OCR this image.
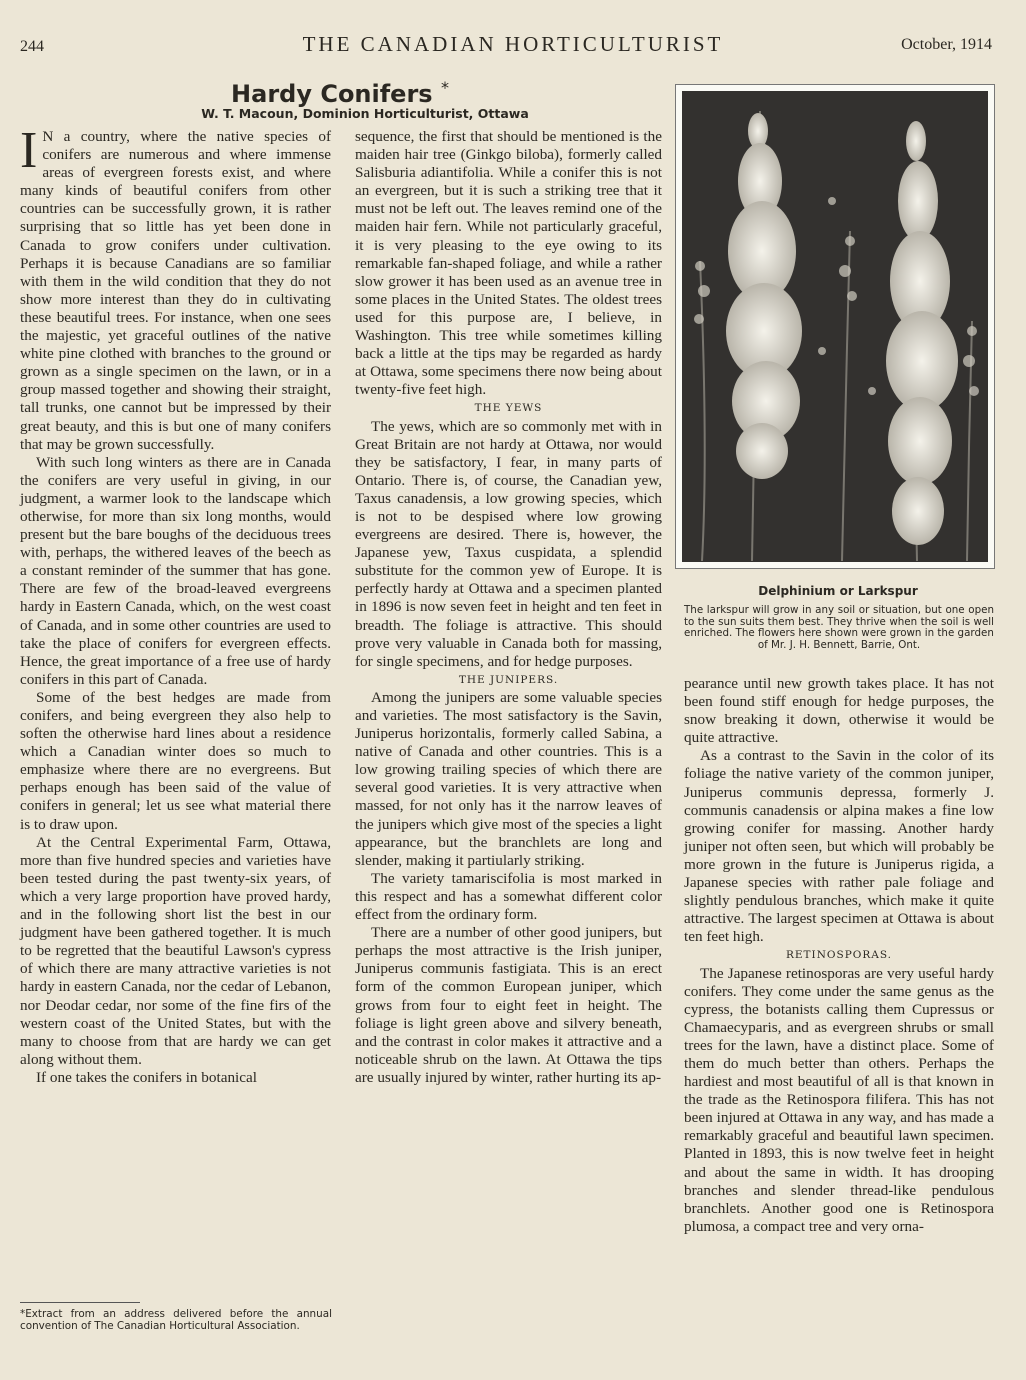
244	THE CANADIAN HORTICULTURIST	October, 1914
Hardy Conifers *
W. T. Macoun, Dominion Horticulturist, Ottawa

I N a country, where the native species of conifers are numerous and where immense areas of evergreen forests exist, and where many kinds of beautiful conifers from other countries can be successfully grown, it is rather surprising that so little has yet been done in Canada to grow conifers under cultivation. Perhaps it is because Canadians are so familiar with them in the wild condition that they do not show more interest than they do in cultivating these beautiful trees. For instance, when one sees the majestic, yet graceful outlines of the native white pine clothed with branches to the ground or grown as a single specimen on the lawn, or in a group massed together and showing their straight, tall trunks, one cannot but be impressed by their great beauty, and this is but one of many conifers that may be grown successfully.

With such long winters as there are in Canada the conifers are very useful in giving, in our judgment, a warmer look to the landscape which otherwise, for more than six long months, would present but the bare boughs of the deciduous trees with, perhaps, the withered leaves of the beech as a constant reminder of the summer that has gone. There are few of the broad-leaved evergreens hardy in Eastern Canada, which, on the west coast of Canada, and in some other countries are used to take the place of conifers for evergreen effects. Hence, the great importance of a free use of hardy conifers in this part of Canada.

Some of the best hedges are made from conifers, and being evergreen they also help to soften the otherwise hard lines about a residence which a Canadian winter does so much to emphasize where there are no evergreens. But perhaps enough has been said of the value of conifers in general; let us see what material there is to draw upon.

At the Central Experimental Farm, Ottawa, more than five hundred species and varieties have been tested during the past twenty-six years, of which a very large proportion have proved hardy, and in the following short list the best in our judgment have been gathered together. It is much to be regretted that the beautiful Lawson's cypress of which there are many attractive varieties is not hardy in eastern Canada, nor the cedar of Lebanon, nor Deodar cedar, nor some of the fine firs of the western coast of the United States, but with the many to choose from that are hardy we can get along without them.

If one takes the conifers in botanical

*Extract from an address delivered before the annual convention of The Canadian Horticultural Association.

sequence, the first that should be mentioned is the maiden hair tree (Ginkgo biloba), formerly called Salisburia adiantifolia. While a conifer this is not an evergreen, but it is such a striking tree that it must not be left out. The leaves remind one of the maiden hair fern. While not particularly graceful, it is very pleasing to the eye owing to its remarkable fan-shaped foliage, and while a rather slow grower it has been used as an avenue tree in some places in the United States. The oldest trees used for this purpose are, I believe, in Washington. This tree while sometimes killing back a little at the tips may be regarded as hardy at Ottawa, some specimens there now being about twenty-five feet high.

THE YEWS

The yews, which are so commonly met with in Great Britain are not hardy at Ottawa, nor would they be satisfactory, I fear, in many parts of Ontario. There is, of course, the Canadian yew, Taxus canadensis, a low growing species, which is not to be despised where low growing evergreens are desired. There is, however, the Japanese yew, Taxus cuspidata, a splendid substitute for the common yew of Europe. It is perfectly hardy at Ottawa and a specimen planted in 1896 is now seven feet in height and ten feet in breadth. The foliage is attractive. This should prove very valuable in Canada both for massing, for single specimens, and for hedge purposes.

THE JUNIPERS.

Among the junipers are some valuable species and varieties. The most satisfactory is the Savin, Juniperus horizontalis, formerly called Sabina, a native of Canada and other countries. This is a low growing trailing species of which there are several good varieties. It is very attractive when massed, for not only has it the narrow leaves of the junipers which give most of the species a light appearance, but the branchlets are long and slender, making it partiularly striking.

The variety tamariscifolia is most marked in this respect and has a somewhat different color effect from the ordinary form.

There are a number of other good junipers, but perhaps the most attractive is the Irish juniper, Juniperus communis fastigiata. This is an erect form of the common European juniper, which grows from four to eight feet in height. The foliage is light green above and silvery beneath, and the contrast in color makes it attractive and a noticeable shrub on the lawn. At Ottawa the tips are usually injured by winter, rather hurting its ap-

Delphinium or Larkspur
The larkspur will grow in any soil or situation, but one open to the sun suits them best. They thrive when the soil is well enriched. The flowers here shown were grown in the garden
of Mr. J. H. Bennett, Barrie, Ont.

pearance until new growth takes place. It has not been found stiff enough for hedge purposes, the snow breaking it down, otherwise it would be quite attractive.

As a contrast to the Savin in the color of its foliage the native variety of the common juniper, Juniperus communis depressa, formerly J. communis canadensis or alpina makes a fine low growing conifer for massing. Another hardy juniper not often seen, but which will probably be more grown in the future is Juniperus rigida, a Japanese species with rather pale foliage and slightly pendulous branches, which make it quite attractive. The largest specimen at Ottawa is about ten feet high.

RETINOSPORAS.

The Japanese retinosporas are very useful hardy conifers. They come under the same genus as the cypress, the botanists calling them Cupressus or Chamaecyparis, and as evergreen shrubs or small trees for the lawn, have a distinct place. Some of them do much better than others. Perhaps the hardiest and most beautiful of all is that known in the trade as the Retinospora filifera. This has not been injured at Ottawa in any way, and has made a remarkably graceful and beautiful lawn specimen. Planted in 1893, this is now twelve feet in height and about the same in width. It has drooping branches and slender thread-like pendulous branchlets. Another good one is Retinospora plumosa, a compact tree and very orna-
